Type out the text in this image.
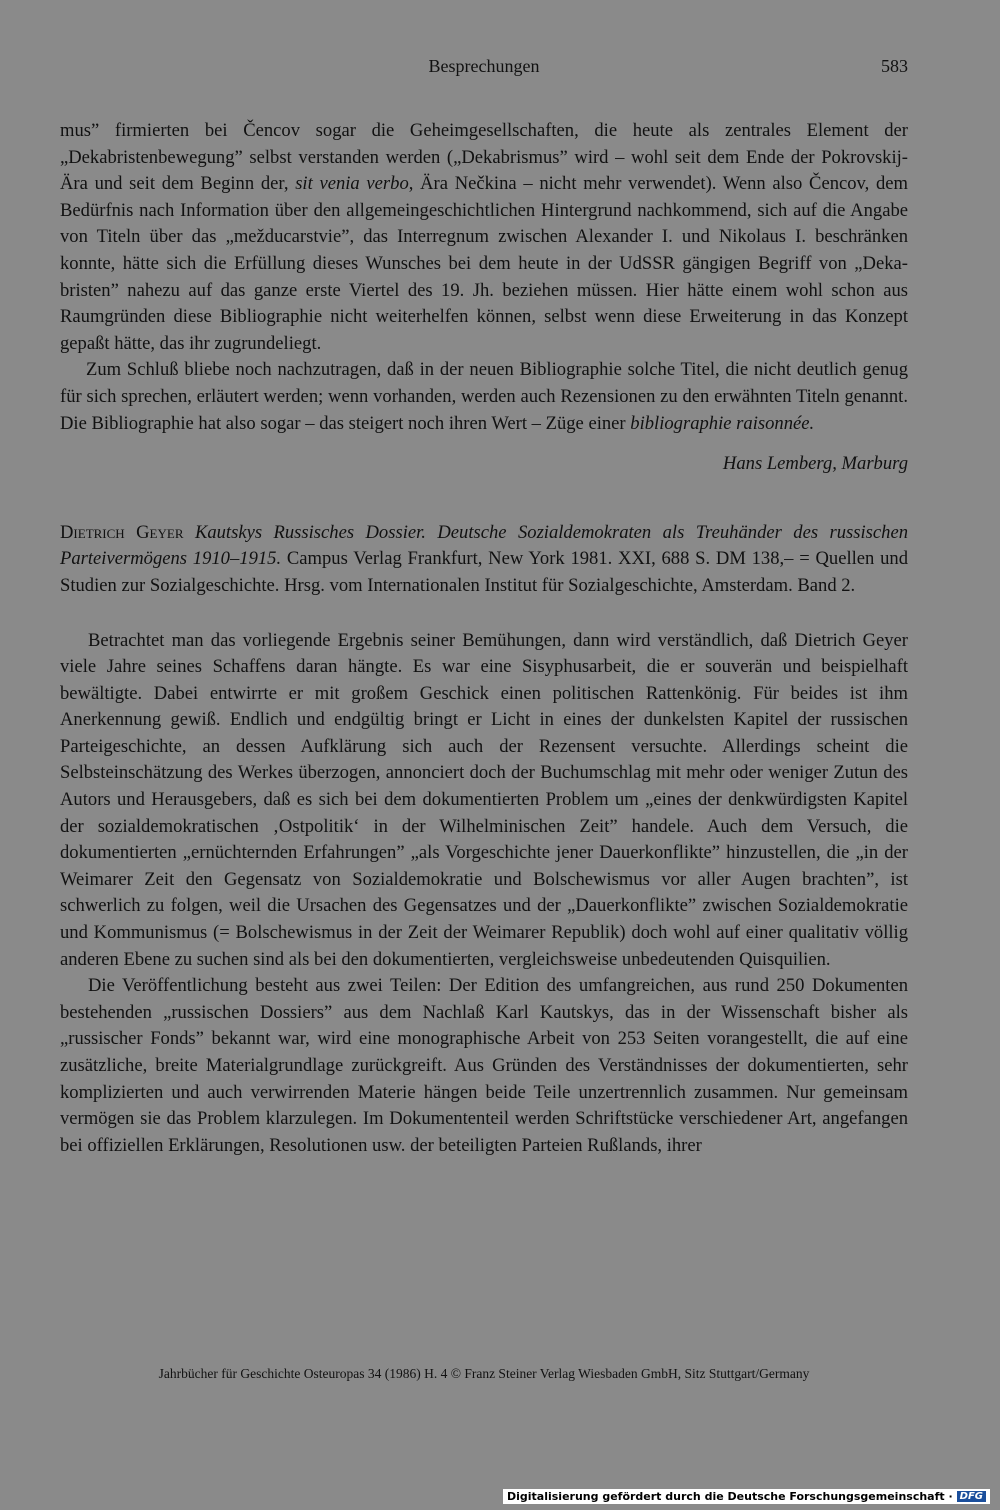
Besprechungen	583

mus” firmierten bei Čencov sogar die Geheimgesellschaften, die heute als zentrales Element der „Dekabristenbewegung” selbst verstanden werden („Dekabrismus” wird – wohl seit dem Ende der Pokrovskij-Ära und seit dem Beginn der, sit venia verbo, Ära Nečkina – nicht mehr verwendet). Wenn also Čencov, dem Bedürfnis nach Information über den allgemeingeschichtlichen Hintergrund nachkommend, sich auf die Angabe von Titeln über das „mežducarstvie”, das Interregnum zwischen Alexander I. und Nikolaus I. beschränken konnte, hätte sich die Erfüllung dieses Wunsches bei dem heute in der UdSSR gängigen Begriff von „Dekabristen” nahezu auf das ganze erste Viertel des 19. Jh. beziehen müssen. Hier hätte einem wohl schon aus Raumgründen diese Bibliographie nicht weiterhelfen können, selbst wenn diese Erweiterung in das Konzept gepaßt hätte, das ihr zugrundeliegt.

Zum Schluß bliebe noch nachzutragen, daß in der neuen Bibliographie solche Titel, die nicht deutlich genug für sich sprechen, erläutert werden; wenn vorhanden, werden auch Rezensionen zu den erwähnten Titeln genannt. Die Bibliographie hat also sogar – das steigert noch ihren Wert – Züge einer bibliographie raisonnée.

Hans Lemberg, Marburg

Dietrich Geyer Kautskys Russisches Dossier. Deutsche Sozialdemokraten als Treuhänder des russischen Parteivermögens 1910–1915. Campus Verlag Frankfurt, New York 1981. XXI, 688 S. DM 138,– = Quellen und Studien zur Sozialgeschichte. Hrsg. vom Internationalen Institut für Sozialgeschichte, Amsterdam. Band 2.

Betrachtet man das vorliegende Ergebnis seiner Bemühungen, dann wird verständlich, daß Dietrich Geyer viele Jahre seines Schaffens daran hängte. Es war eine Sisyphusarbeit, die er souverän und beispielhaft bewältigte. Dabei entwirrte er mit großem Geschick einen politischen Rattenkönig. Für beides ist ihm Anerkennung gewiß. Endlich und endgültig bringt er Licht in eines der dunkelsten Kapitel der russischen Parteigeschichte, an dessen Aufklärung sich auch der Rezensent versuchte. Allerdings scheint die Selbsteinschätzung des Werkes überzogen, annonciert doch der Buchumschlag mit mehr oder weniger Zutun des Autors und Herausgebers, daß es sich bei dem dokumentierten Problem um „eines der denkwürdigsten Kapitel der sozialdemokratischen ‚Ostpolitik‘ in der Wilhelminischen Zeit” handele. Auch dem Versuch, die dokumentierten „ernüchternden Erfahrungen” „als Vorgeschichte jener Dauerkonflikte” hinzustellen, die „in der Weimarer Zeit den Gegensatz von Sozialdemokratie und Bolschewismus vor aller Augen brachten”, ist schwerlich zu folgen, weil die Ursachen des Gegensatzes und der „Dauerkonflikte” zwischen Sozialdemokratie und Kommunismus (= Bolschewismus in der Zeit der Weimarer Republik) doch wohl auf einer qualitativ völlig anderen Ebene zu suchen sind als bei den dokumentierten, vergleichsweise unbedeutenden Quisquilien.

Die Veröffentlichung besteht aus zwei Teilen: Der Edition des umfangreichen, aus rund 250 Dokumenten bestehenden „russischen Dossiers” aus dem Nachlaß Karl Kautskys, das in der Wissenschaft bisher als „russischer Fonds” bekannt war, wird eine monographische Arbeit von 253 Seiten vorangestellt, die auf eine zusätzliche, breite Materialgrundlage zurückgreift. Aus Gründen des Verständnisses der dokumentierten, sehr komplizierten und auch verwirrenden Materie hängen beide Teile unzertrennlich zusammen. Nur gemeinsam vermögen sie das Problem klarzulegen. Im Dokumententeil werden Schriftstücke verschiedener Art, angefangen bei offiziellen Erklärungen, Resolutionen usw. der beteiligten Parteien Rußlands, ihrer

Jahrbücher für Geschichte Osteuropas 34 (1986) H. 4 © Franz Steiner Verlag Wiesbaden GmbH, Sitz Stuttgart/Germany
Digitalisierung gefördert durch die Deutsche Forschungsgemeinschaft · DFG
